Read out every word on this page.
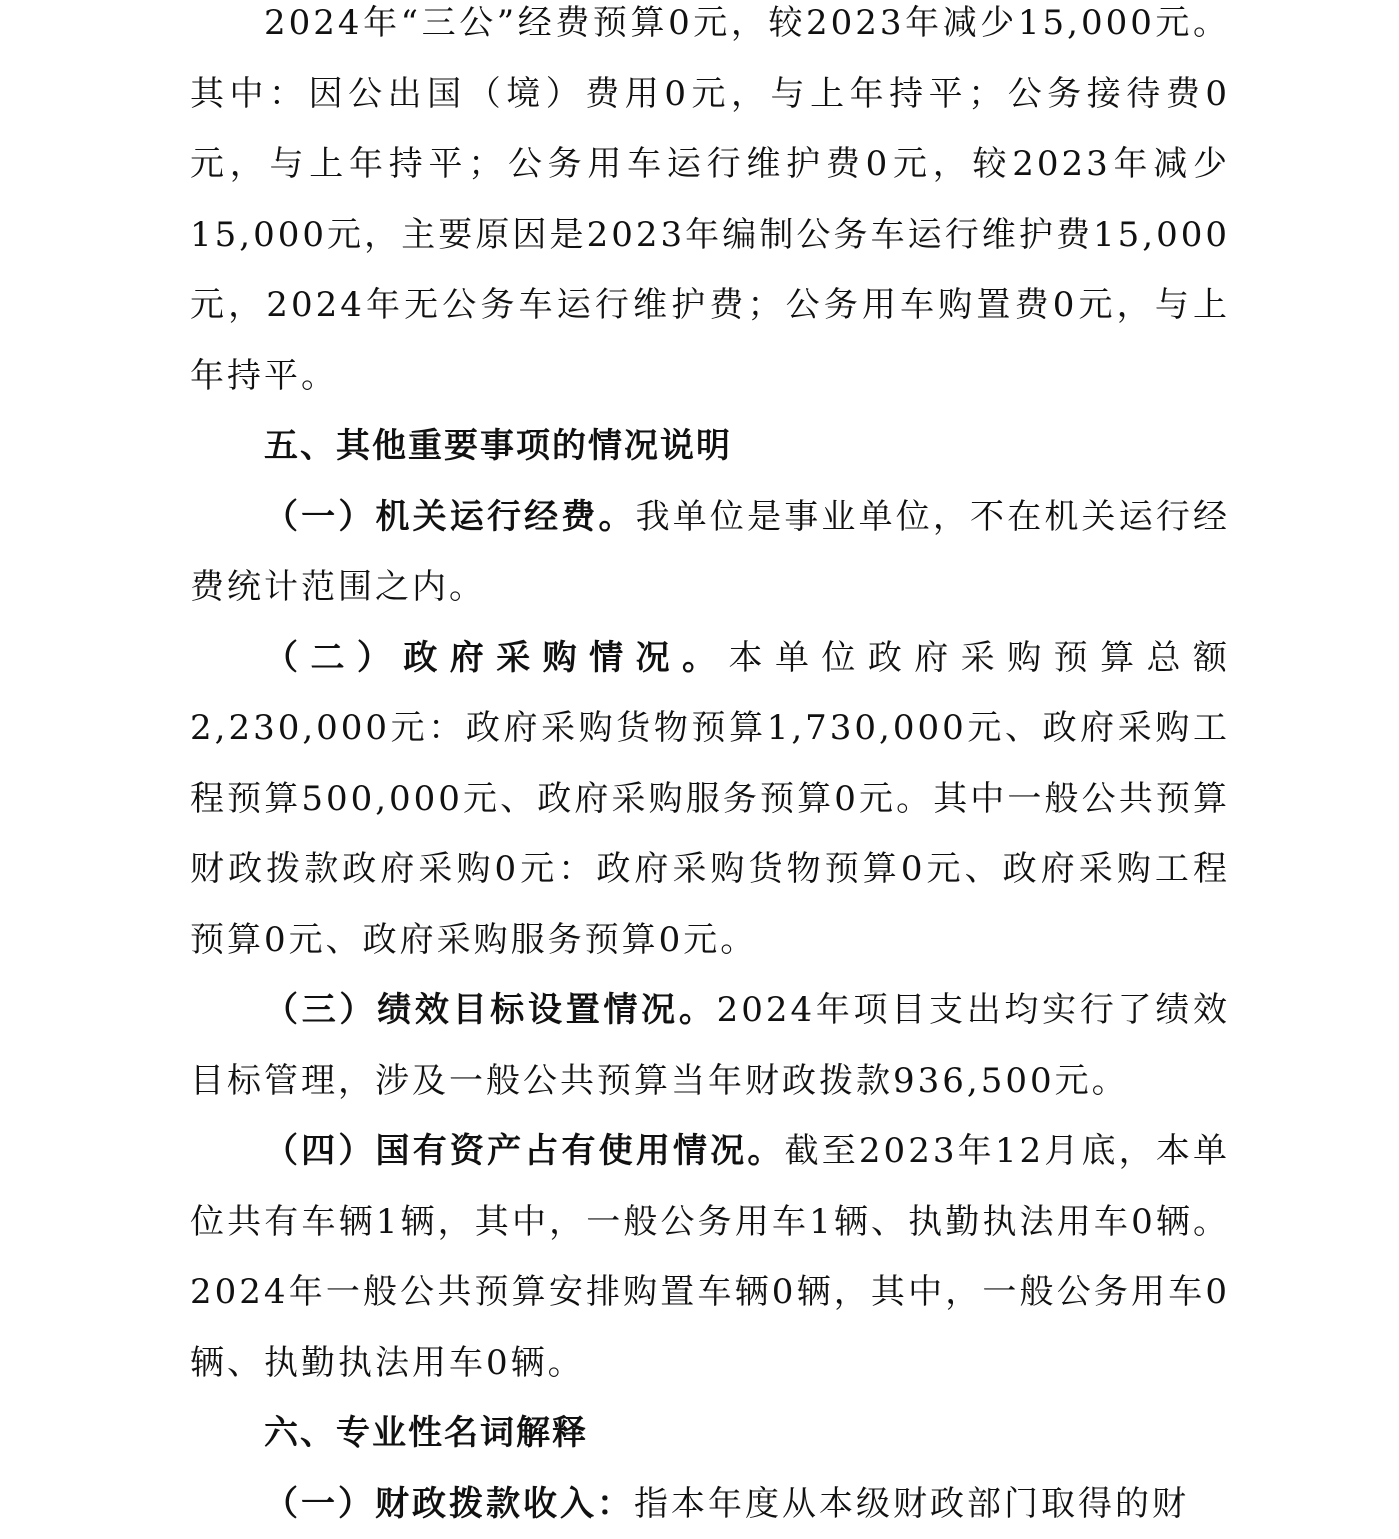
2024年“三公”经费预算0元，较2023年减少15,000元。其中：因公出国（境）费用0元，与上年持平；公务接待费0元，与上年持平；公务用车运行维护费0元，较2023年减少15,000元，主要原因是2023年编制公务车运行维护费15,000元，2024年无公务车运行维护费；公务用车购置费0元，与上年持平。

五、其他重要事项的情况说明

（一）机关运行经费。我单位是事业单位，不在机关运行经费统计范围之内。

（二）政府采购情况。本单位政府采购预算总额 2,230,000元：政府采购货物预算1,730,000元、政府采购工程预算500,000元、政府采购服务预算0元。其中一般公共预算财政拨款政府采购0元：政府采购货物预算0元、政府采购工程预算0元、政府采购服务预算0元。

（三）绩效目标设置情况。2024年项目支出均实行了绩效目标管理，涉及一般公共预算当年财政拨款936,500元。

（四）国有资产占有使用情况。截至2023年12月底，本单位共有车辆1辆，其中，一般公务用车1辆、执勤执法用车0辆。2024年一般公共预算安排购置车辆0辆，其中，一般公务用车0辆、执勤执法用车0辆。

六、专业性名词解释

（一）财政拨款收入：指本年度从本级财政部门取得的财
